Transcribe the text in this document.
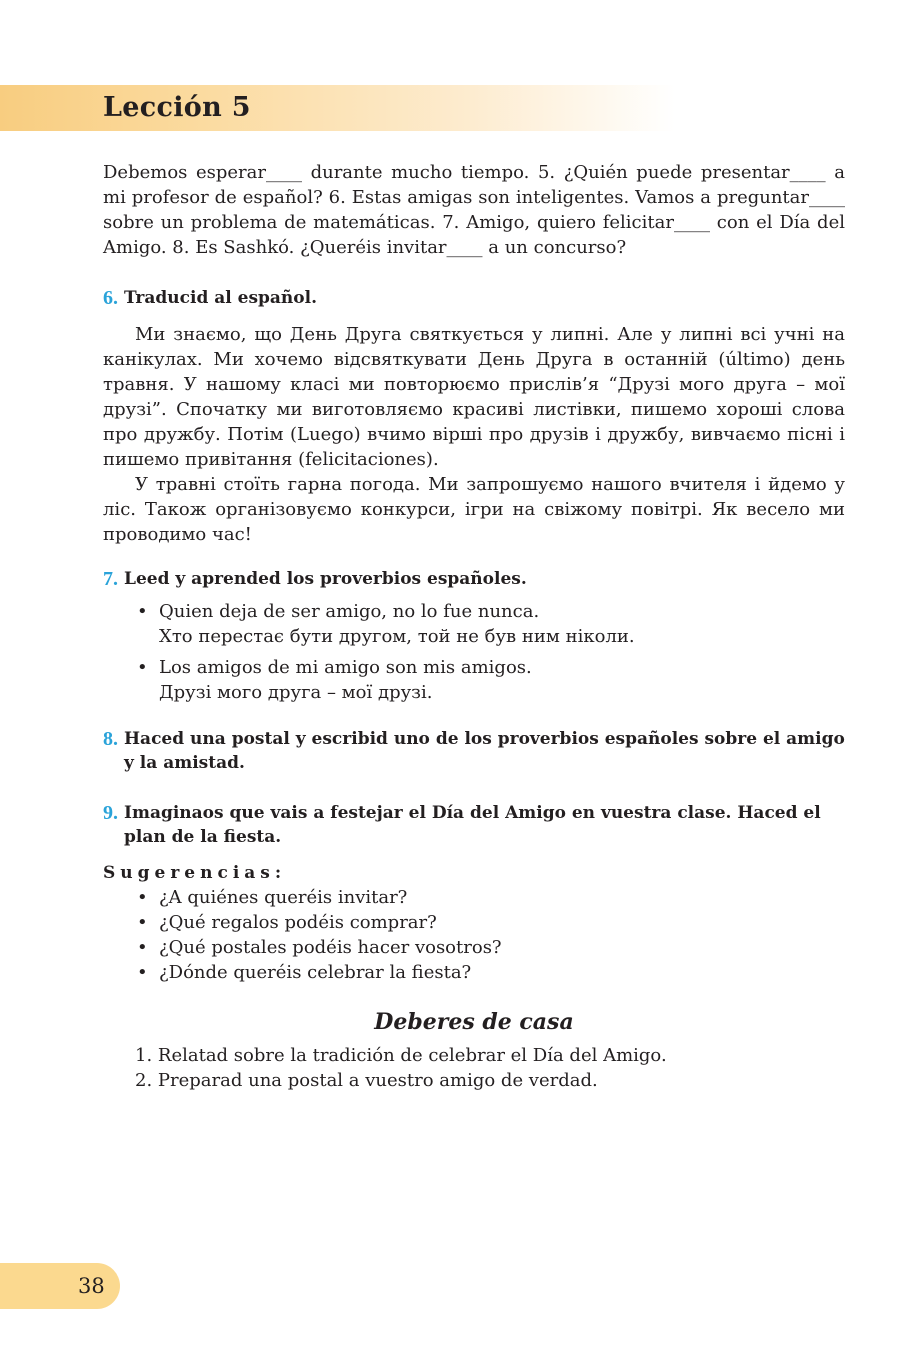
Lección 5

Debemos esperar____ durante mucho tiempo. 5. ¿Quién puede presentar____ a mi profesor de español? 6. Estas amigas son inteligentes. Vamos a preguntar____ sobre un problema de matemáticas. 7. Amigo, quiero felicitar____ con el Día del Amigo. 8. Es Sashkó. ¿Queréis invitar____ a un concurso?

6. Traducid al español.

Ми знаємо, що День Друга святкується у липні. Але у липні всі учні на канікулах. Ми хочемо відсвяткувати День Друга в останній (último) день травня. У нашому класі ми повторюємо прислів’я “Друзі мого друга – мої друзі”. Спочатку ми виготовляємо красиві листівки, пишемо хороші слова про дружбу. Потім (Luego) вчимо вірші про друзів і дружбу, вивчаємо пісні і пишемо привітання (felicitaciones).

У травні стоїть гарна погода. Ми запрошуємо нашого вчителя і йдемо у ліс. Також організовуємо конкурси, ігри на свіжому повітрі. Як весело ми проводимо час!

7. Leed y aprended los proverbios españoles.
• Quien deja de ser amigo, no lo fue nunca.
Хто перестає бути другом, той не був ним ніколи.
• Los amigos de mi amigo son mis amigos.
Друзі мого друга – мої друзі.
8. Haced una postal y escribid uno de los proverbios españoles sobre el amigo y la amistad.
9. Imaginaos que vais a festejar el Día del Amigo en vuestra clase. Haced el plan de la fiesta.

Sugerencias:

• ¿A quiénes queréis invitar?
• ¿Qué regalos podéis comprar?
• ¿Qué postales podéis hacer vosotros?
• ¿Dónde queréis celebrar la fiesta?
Deberes de casa
1. Relatad sobre la tradición de celebrar el Día del Amigo.
2. Preparad una postal a vuestro amigo de verdad.
38
